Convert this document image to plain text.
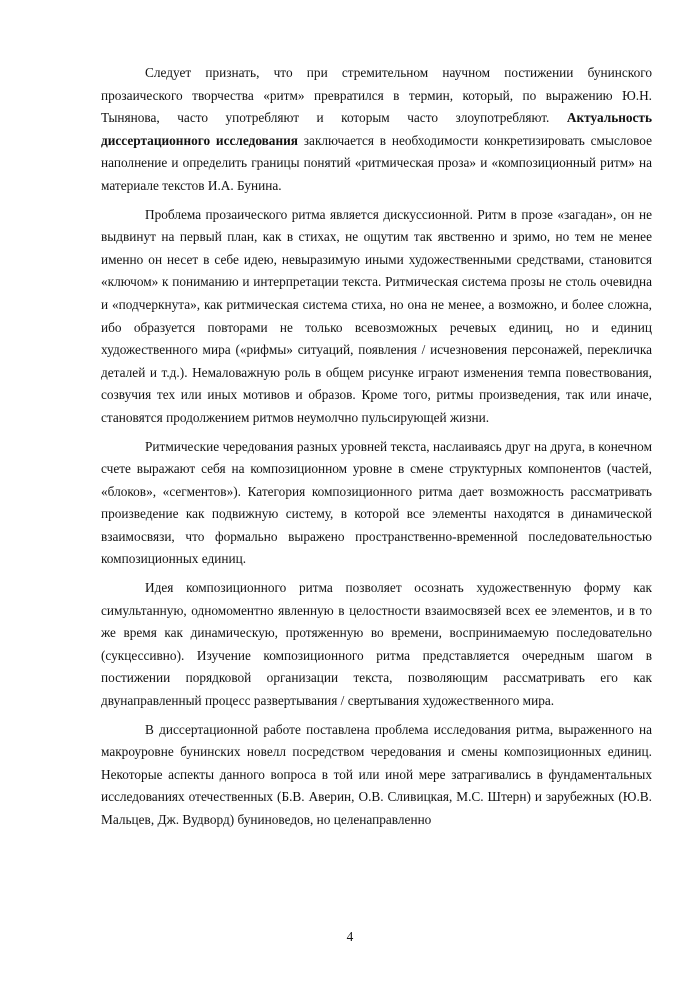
Следует признать, что при стремительном научном постижении бунинского прозаического творчества «ритм» превратился в термин, который, по выражению Ю.Н. Тынянова, часто употребляют и которым часто злоупотребляют. Актуальность диссертационного исследования заключается в необходимости конкретизировать смысловое наполнение и определить границы понятий «ритмическая проза» и «композиционный ритм» на материале текстов И.А. Бунина.

Проблема прозаического ритма является дискуссионной. Ритм в прозе «загадан», он не выдвинут на первый план, как в стихах, не ощутим так явственно и зримо, но тем не менее именно он несет в себе идею, невыразимую иными художественными средствами, становится «ключом» к пониманию и интерпретации текста. Ритмическая система прозы не столь очевидна и «подчеркнута», как ритмическая система стиха, но она не менее, а возможно, и более сложна, ибо образуется повторами не только всевозможных речевых единиц, но и единиц художественного мира («рифмы» ситуаций, появления / исчезновения персонажей, перекличка деталей и т.д.). Немаловажную роль в общем рисунке играют изменения темпа повествования, созвучия тех или иных мотивов и образов. Кроме того, ритмы произведения, так или иначе, становятся продолжением ритмов неумолчно пульсирующей жизни.

Ритмические чередования разных уровней текста, наслаиваясь друг на друга, в конечном счете выражают себя на композиционном уровне в смене структурных компонентов (частей, «блоков», «сегментов»). Категория композиционного ритма дает возможность рассматривать произведение как подвижную систему, в которой все элементы находятся в динамической взаимосвязи, что формально выражено пространственно-временной последовательностью композиционных единиц.

Идея композиционного ритма позволяет осознать художественную форму как симультанную, одномоментно явленную в целостности взаимосвязей всех ее элементов, и в то же время как динамическую, протяженную во времени, воспринимаемую последовательно (сукцессивно). Изучение композиционного ритма представляется очередным шагом в постижении порядковой организации текста, позволяющим рассматривать его как двунаправленный процесс развертывания / свертывания художественного мира.

В диссертационной работе поставлена проблема исследования ритма, выраженного на макроуровне бунинских новелл посредством чередования и смены композиционных единиц. Некоторые аспекты данного вопроса в той или иной мере затрагивались в фундаментальных исследованиях отечественных (Б.В. Аверин, О.В. Сливицкая, М.С. Штерн) и зарубежных (Ю.В. Мальцев, Дж. Вудворд) буниноведов, но целенаправленно

4
